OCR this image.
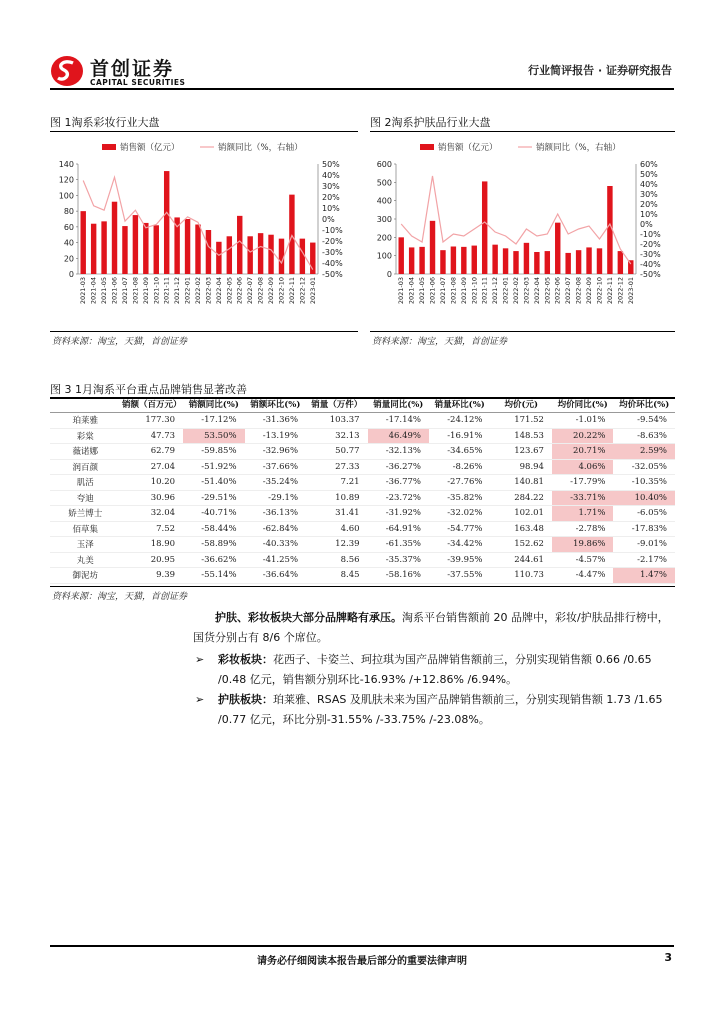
首创证券
CAPITAL SECURITIES
行业简评报告 · 证券研究报告
图 1淘系彩妆行业大盘	图 2淘系护肤品行业大盘
销售额（亿元）	销额同比（%，右轴）
0
20
40
60
80
100
120
140
-50%
-40%
-30%
-20%
-10%
0%
10%
20%
30%
40%
50%
2021-03 2021-04 2021-05 2021-06 2021-07 2021-08 2021-09 2021-10 2021-11 2021-12 2022-01 2022-02 2022-03 2022-04 2022-05 2022-06 2022-07 2022-08 2022-09 2022-10 2022-11 2022-12 2023-01
销售额（亿元）	销额同比（%，右轴）
0
100
200
300
400
500
600
-50%
-40%
-30%
-20%
-10%
0%
10%
20%
30%
40%
50%
60%
2021-03 2021-04 2021-05 2021-06 2021-07 2021-08 2021-09 2021-10 2021-11 2021-12 2022-01 2022-02 2022-03 2022-04 2022-05 2022-06 2022-07 2022-08 2022-09 2022-10 2022-11 2022-12 2023-01
资料来源：淘宝，天猫，首创证券	资料来源：淘宝，天猫，首创证券
图 3 1月淘系平台重点品牌销售显著改善
	销额（百万元）	销额同比(%)	销额环比(%)	销量（万件）	销量同比(%)	销量环比(%)	均价(元)	均价同比(%)	均价环比(%)
珀莱雅	177.30	-17.12%	-31.36%	103.37	-17.14%	-24.12%	171.52	-1.01%	-9.54%
彩棠	47.73	53.50%	-13.19%	32.13	46.49%	-16.91%	148.53	20.22%	-8.63%
薇诺娜	62.79	-59.85%	-32.96%	50.77	-32.13%	-34.65%	123.67	20.71%	2.59%
润百颜	27.04	-51.92%	-37.66%	27.33	-36.27%	-8.26%	98.94	4.06%	-32.05%
肌活	10.20	-51.40%	-35.24%	7.21	-36.77%	-27.76%	140.81	-17.79%	-10.35%
夸迪	30.96	-29.51%	-29.1%	10.89	-23.72%	-35.82%	284.22	-33.71%	10.40%
娇兰博士	32.04	-40.71%	-36.13%	31.41	-31.92%	-32.02%	102.01	1.71%	-6.05%
佰草集	7.52	-58.44%	-62.84%	4.60	-64.91%	-54.77%	163.48	-2.78%	-17.83%
玉泽	18.90	-58.89%	-40.33%	12.39	-61.35%	-34.42%	152.62	19.86%	-9.01%
丸美	20.95	-36.62%	-41.25%	8.56	-35.37%	-39.95%	244.61	-4.57%	-2.17%
御泥坊	9.39	-55.14%	-36.64%	8.45	-58.16%	-37.55%	110.73	-4.47%	1.47%
资料来源：淘宝，天猫，首创证券
护肤、彩妆板块大部分品牌略有承压。淘系平台销售额前 20 品牌中，彩妆/护肤品排行榜中，国货分别占有 8/6 个席位。
➢ 彩妆板块：花西子、卡姿兰、珂拉琪为国产品牌销售额前三，分别实现销售额 0.66 /0.65 /0.48 亿元，销售额分别环比-16.93% /+12.86% /6.94%。
➢ 护肤板块：珀莱雅、RSAS 及肌肤未来为国产品牌销售额前三，分别实现销售额 1.73 /1.65 /0.77 亿元，环比分别-31.55% /-33.75% /-23.08%。
请务必仔细阅读本报告最后部分的重要法律声明	3
